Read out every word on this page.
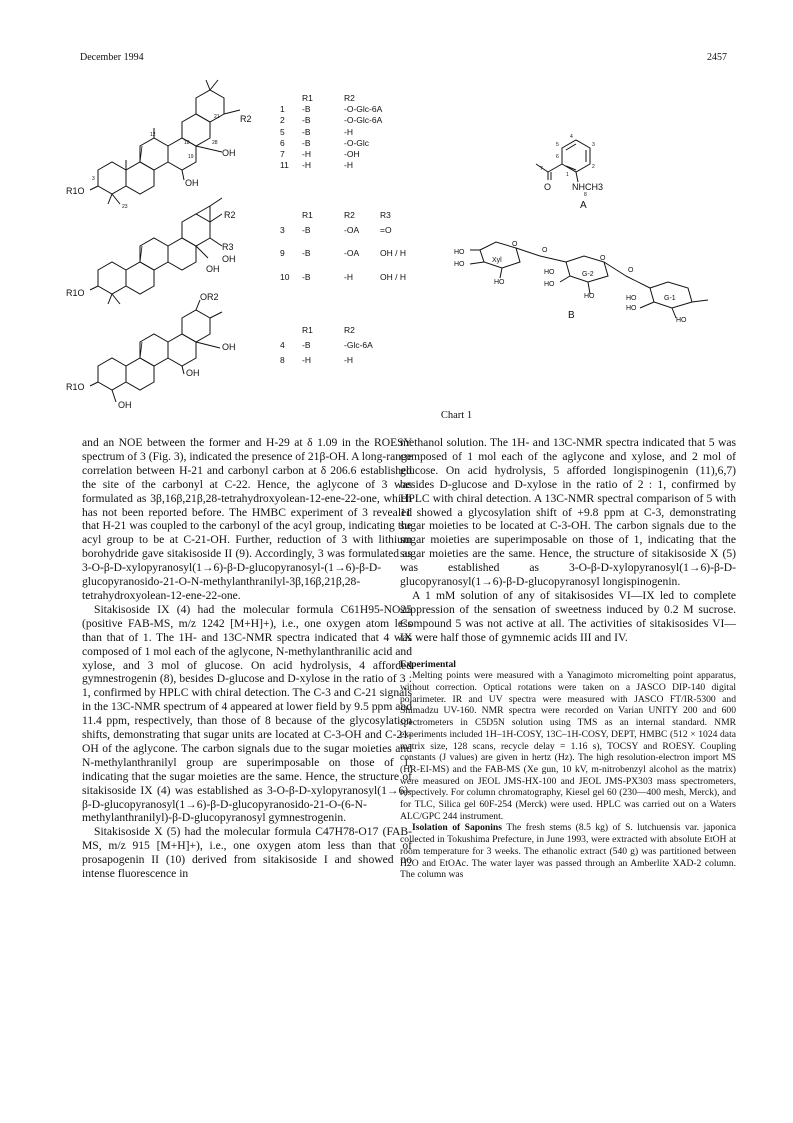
December 1994	2457
R2
OH
OH
R1O
12
18
19
21
28
3
23
R2
R3
OH
OH
R1O	OR2
OH
OH
R1O
OH
O NHCH3
A
4
3
2
6
5
1
7
8
HO
HO
Xyl
O
HO
O
HO
HO
G-2
O
HO
O
HO
HO
G-1
HO
B
R1	R2
1	-B	-O-Glc-6A
2	-B	-O-Glc-6A
5	-B	-H
6	-B	-O-Glc
7	-H	-OH
11	-H	-H
R1	R2	R3
3	-B	-OA	=O
9	-B	-OA	OH / H
10	-B	-H	OH / H
R1	R2
4	-B	-Glc-6A
8	-H	-H
Chart 1

and an NOE between the former and H-29 at δ 1.09 in the ROESY spectrum of 3 (Fig. 3), indicated the presence of 21β-OH. A long-range correlation between H-21 and carbonyl carbon at δ 206.6 established the site of the carbonyl at C-22. Hence, the aglycone of 3 was formulated as 3β,16β,21β,28-tetrahydroxyolean-12-ene-22-one, which has not been reported before. The HMBC experiment of 3 revealed that H-21 was coupled to the carbonyl of the acyl group, indicating the acyl group to be at C-21-OH. Further, reduction of 3 with lithium borohydride gave sitakisoside II (9). Accordingly, 3 was formulated as 3-O-β-D-xylopyranosyl(1→6)-β-D-glucopyranosyl-(1→6)-β-D-glucopyranosido-21-O-N-methylanthranilyl-3β,16β,21β,28-tetrahydroxyolean-12-ene-22-one.

Sitakisoside IX (4) had the molecular formula C61H95-NO25 (positive FAB-MS, m/z 1242 [M+H]+), i.e., one oxygen atom less than that of 1. The 1H- and 13C-NMR spectra indicated that 4 was composed of 1 mol each of the aglycone, N-methylanthranilic acid and xylose, and 3 mol of glucose. On acid hydrolysis, 4 afforded gymnestrogenin (8), besides D-glucose and D-xylose in the ratio of 3 : 1, confirmed by HPLC with chiral detection. The C-3 and C-21 signals in the 13C-NMR spectrum of 4 appeared at lower field by 9.5 ppm and 11.4 ppm, respectively, than those of 8 because of the glycosylation shifts, demonstrating that sugar units are located at C-3-OH and C-21-OH of the aglycone. The carbon signals due to the sugar moieties and N-methylanthranilyl group are superimposable on those of 1, indicating that the sugar moieties are the same. Hence, the structure of sitakisoside IX (4) was established as 3-O-β-D-xylopyranosyl(1→6)-β-D-glucopyranosyl(1→6)-β-D-glucopyranosido-21-O-(6-N-methylanthranilyl)-β-D-glucopyranosyl gymnestrogenin.

Sitakisoside X (5) had the molecular formula C47H78-O17 (FAB-MS, m/z 915 [M+H]+), i.e., one oxygen atom less than that of prosapogenin II (10) derived from sitakisoside I and showed no intense fluorescence in

methanol solution. The 1H- and 13C-NMR spectra indicated that 5 was composed of 1 mol each of the aglycone and xylose, and 2 mol of glucose. On acid hydrolysis, 5 afforded longispinogenin (11),6,7) besides D-glucose and D-xylose in the ratio of 2 : 1, confirmed by HPLC with chiral detection. A 13C-NMR spectral comparison of 5 with 11 showed a glycosylation shift of +9.8 ppm at C-3, demonstrating sugar moieties to be located at C-3-OH. The carbon signals due to the sugar moieties are superimposable on those of 1, indicating that the sugar moieties are the same. Hence, the structure of sitakisoside X (5) was established as 3-O-β-D-xylopyranosyl(1→6)-β-D-glucopyranosyl(1→6)-β-D-glucopyranosyl longispinogenin.

A 1 mM solution of any of sitakisosides VI—IX led to complete suppression of the sensation of sweetness induced by 0.2 M sucrose. Compound 5 was not active at all. The activities of sitakisosides VI—IX were half those of gymnemic acids III and IV.

Experimental

Melting points were measured with a Yanagimoto micromelting point apparatus, without correction. Optical rotations were taken on a JASCO DIP-140 digital polarimeter. IR and UV spectra were measured with JASCO FT/IR-5300 and Shimadzu UV-160. NMR spectra were recorded on Varian UNITY 200 and 600 spectrometers in C5D5N solution using TMS as an internal standard. NMR experiments included 1H–1H-COSY, 13C–1H-COSY, DEPT, HMBC (512 × 1024 data matrix size, 128 scans, recycle delay = 1.16 s), TOCSY and ROESY. Coupling constants (J values) are given in hertz (Hz). The high resolution-electron import MS (HR-EI-MS) and the FAB-MS (Xe gun, 10 kV, m-nitrobenzyl alcohol as the matrix) were measured on JEOL JMS-HX-100 and JEOL JMS-PX303 mass spectrometers, respectively. For column chromatography, Kiesel gel 60 (230—400 mesh, Merck), and for TLC, Silica gel 60F-254 (Merck) were used. HPLC was carried out on a Waters ALC/GPC 244 instrument.

Isolation of Saponins The fresh stems (8.5 kg) of S. lutchuensis var. japonica collected in Tokushima Prefecture, in June 1993, were extracted with absolute EtOH at room temperature for 3 weeks. The ethanolic extract (540 g) was partitioned between H2O and EtOAc. The water layer was passed through an Amberlite XAD-2 column. The column was
